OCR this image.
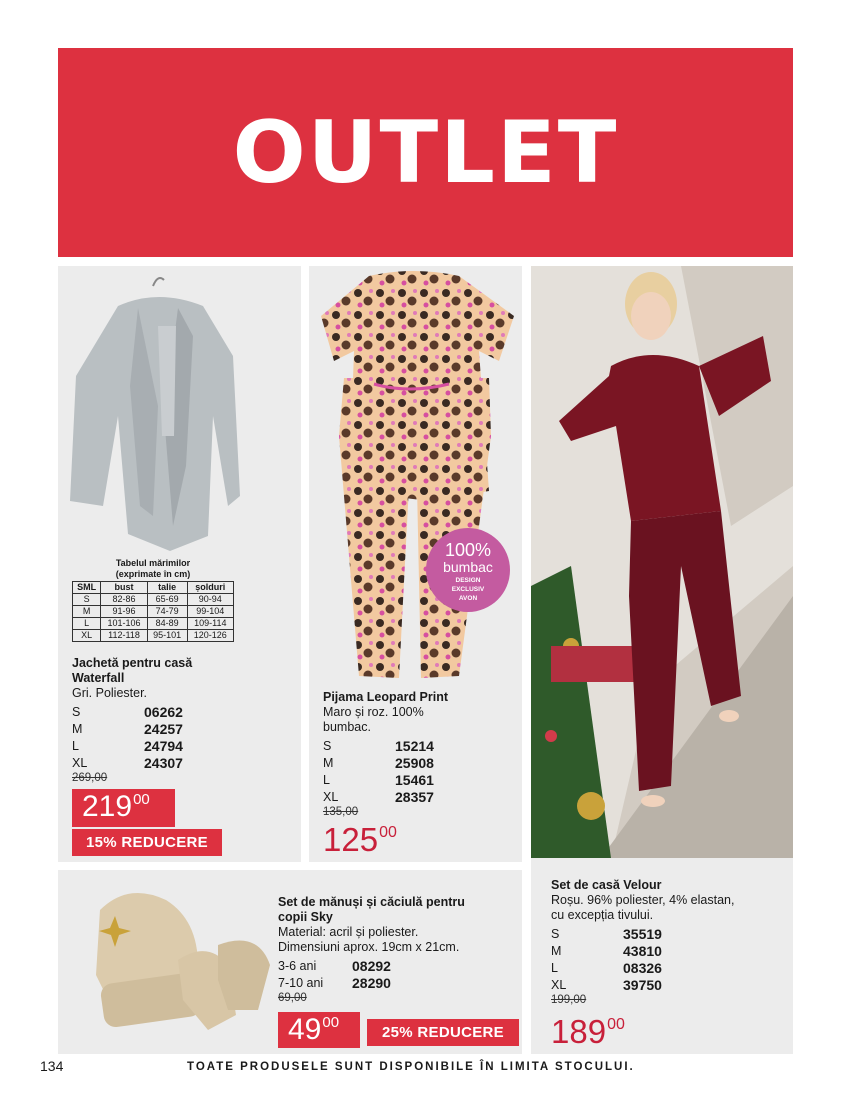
OUTLET
Tabelul mărimilor
(exprimate în cm)
SML	bust	talie	șolduri
S	82-86	65-69	90-94
M	91-96	74-79	99-104
L	101-106	84-89	109-114
XL	112-118	95-101	120-126
Jachetă pentru casă
Waterfall
Gri. Poliester.
S	06262
M	24257
L	24794
XL	24307
269,00
219 00
15% REDUCERE
100%
bumbac
DESIGN
EXCLUSIV
AVON
Pijama Leopard Print
Maro și roz. 100%
bumbac.
S	15214
M	25908
L	15461
XL	28357
135,00
125 00
Set de casă Velour
Roșu. 96% poliester, 4% elastan,
cu excepția tivului.
S	35519
M	43810
L	08326
XL	39750
199,00
189 00
Set de mănuși și căciulă pentru
copii Sky
Material: acril și poliester.
Dimensiuni aprox. 19cm x 21cm.
3-6 ani	08292
7-10 ani	28290
69,00
49 00
25% REDUCERE
134	TOATE PRODUSELE SUNT DISPONIBILE ÎN LIMITA STOCULUI.
